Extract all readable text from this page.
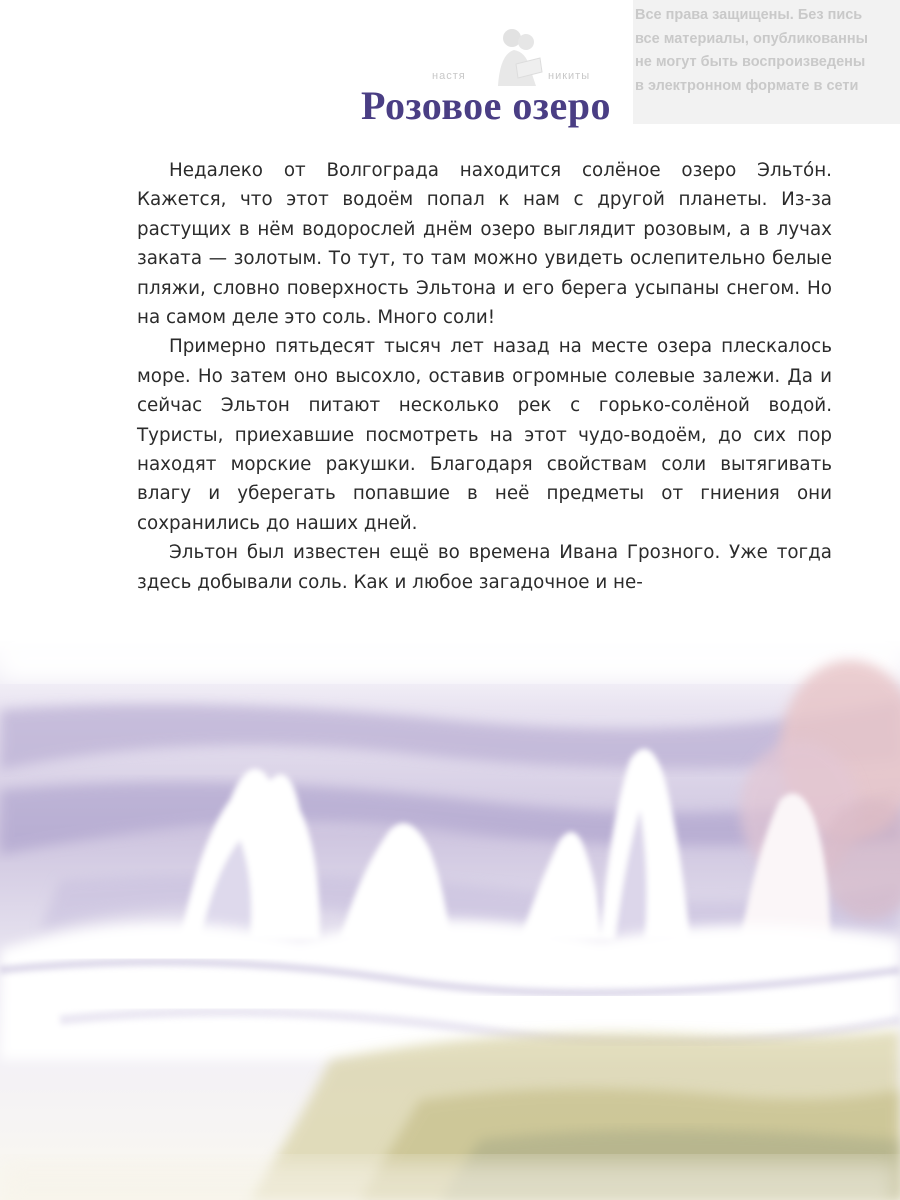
Все права защищены. Без пись
все материалы, опубликованны
не могут быть воспроизведены
в электронном формате в сети
настя	никиты
Розовое озеро

Недалеко от Волгограда находится солёное озеро Эльто́н. Кажется, что этот водоём попал к нам с другой планеты. Из-за растущих в нём водорослей днём озеро выглядит розовым, а в лучах заката — золотым. То тут, то там можно увидеть ослепительно белые пляжи, словно поверхность Эльтона и его берега усыпаны снегом. Но на самом деле это соль. Много соли!

Примерно пятьдесят тысяч лет назад на месте озера плескалось море. Но затем оно высохло, оставив огромные солевые залежи. Да и сейчас Эльтон питают несколько рек с горько-солёной водой. Туристы, приехавшие посмотреть на этот чудо-водоём, до сих пор находят морские ракушки. Благодаря свойствам соли вытягивать влагу и уберегать попавшие в неё предметы от гниения они сохранились до наших дней.

Эльтон был известен ещё во времена Ивана Грозного. Уже тогда здесь добывали соль. Как и любое загадочное и не-
